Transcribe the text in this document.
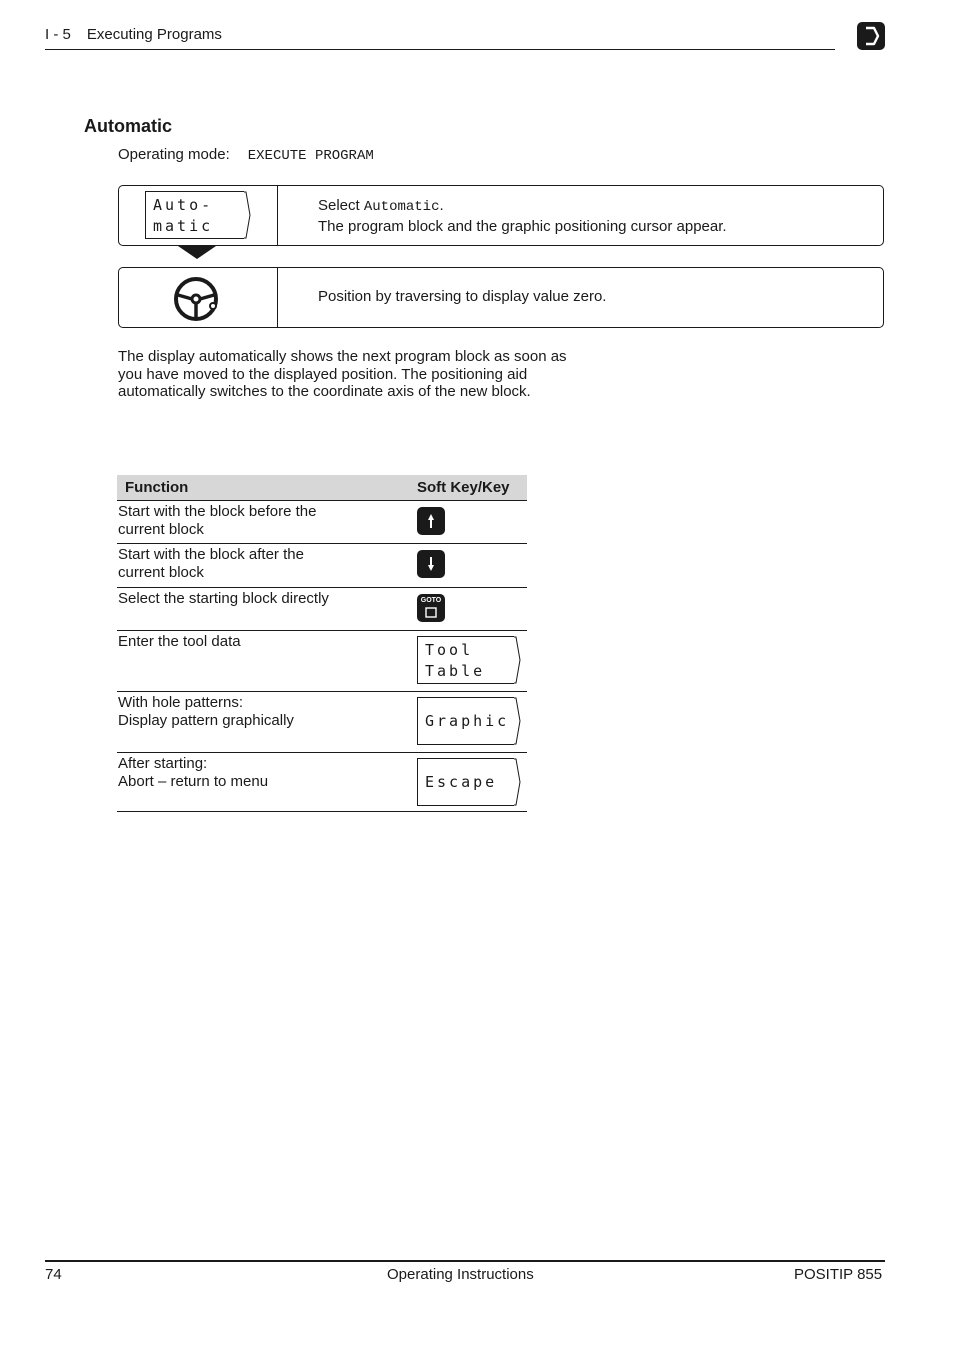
I - 5 Executing Programs
Automatic
Operating mode: EXECUTE PROGRAM
Auto-
matic
Select Automatic.
The program block and the graphic positioning cursor appear.
Position by traversing to display value zero.
The display automatically shows the next program block as soon as you have moved to the displayed position. The positioning aid automatically switches to the coordinate axis of the new block.
Function	Soft Key/Key
Start with the block before the
current block	

Start with the block after the
current block	

Select the starting block directly	GOTO

Enter the tool data	Tool
Table

With hole patterns:
Display pattern graphically	Graphic

After starting:
Abort – return to menu	Escape
74	Operating Instructions	POSITIP 855
